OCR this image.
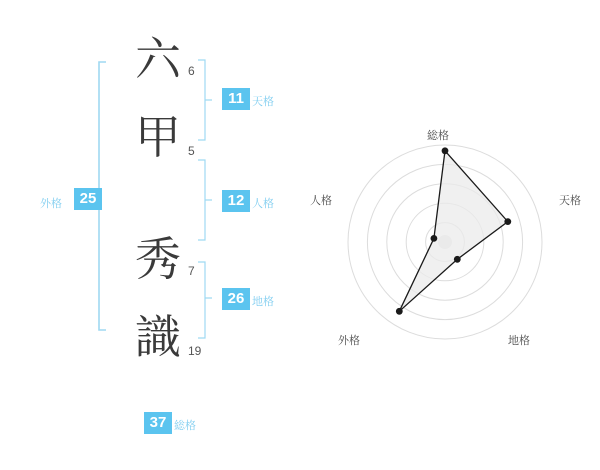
六
甲
秀
識
6
5
7
19
11 天格
12 人格
26 地格
25
外格
37 総格
総格
天格
地格
外格
人格
